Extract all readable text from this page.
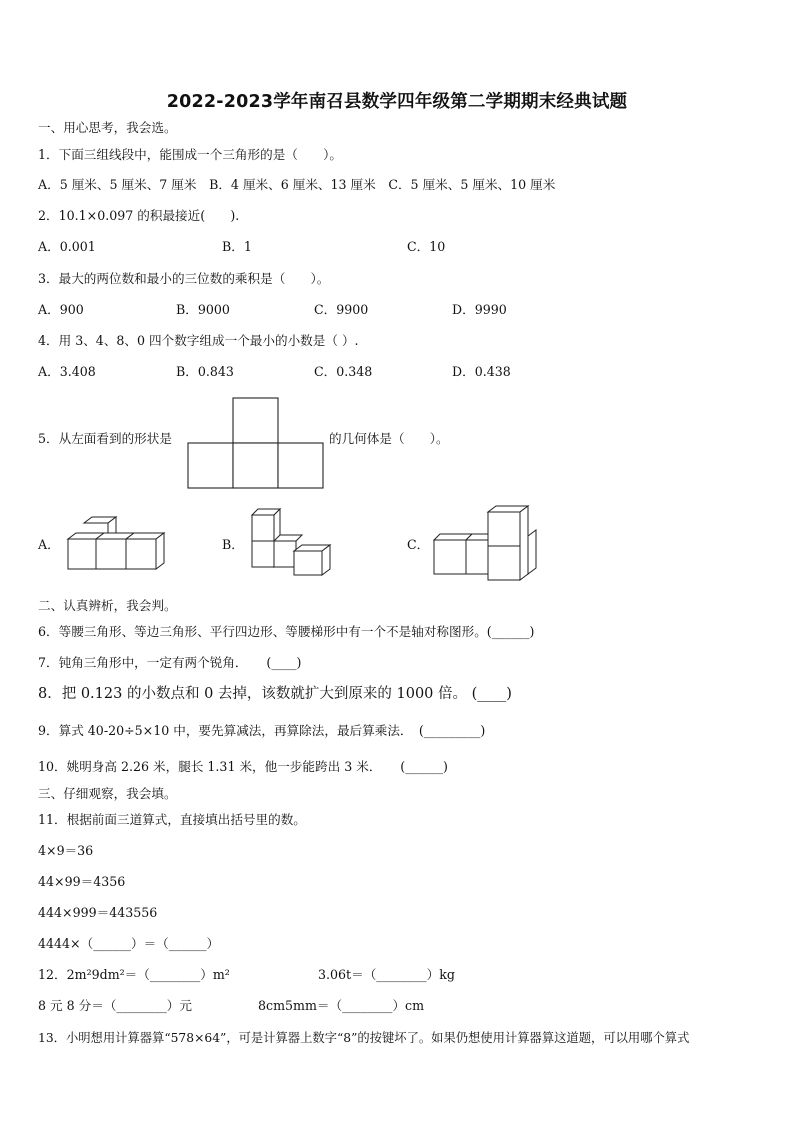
2022-2023学年南召县数学四年级第二学期期末经典试题
一、用心思考，我会选。
1．下面三组线段中，能围成一个三角形的是（　　）。
A．5 厘米、5 厘米、7 厘米　B．4 厘米、6 厘米、13 厘米　C．5 厘米、5 厘米、10 厘米
2．10.1×0.097 的积最接近(　　).
A．0.001	B．1	C．10
3．最大的两位数和最小的三位数的乘积是（　　）。
A．900	B．9000	C．9900	D．9990
4．用 3、4、8、0 四个数字组成一个最小的小数是（ ）.
A．3.408	B．0.843	C．0.348	D．0.438
5．从左面看到的形状是	的几何体是（　　）。
A．	B．	C．
二、认真辨析，我会判。
6．等腰三角形、等边三角形、平行四边形、等腰梯形中有一个不是轴对称图形。(______)
7．钝角三角形中，一定有两个锐角．　　(____)
8．把 0.123 的小数点和 0 去掉，该数就扩大到原来的 1000 倍。 (____)
9．算式 40-20÷5×10 中，要先算减法，再算除法，最后算乘法．　(_________)
10．姚明身高 2.26 米，腿长 1.31 米，他一步能跨出 3 米．　　(______)
三、仔细观察，我会填。
11．根据前面三道算式，直接填出括号里的数。
4×9＝36
44×99＝4356
444×999＝443556
4444×（______）＝（______）
12．2m²9dm²＝（________）m²	3.06t＝（________）kg
8 元 8 分＝（________）元	8cm5mm＝（________）cm
13．小明想用计算器算“578×64”，可是计算器上数字“8”的按键坏了。如果仍想使用计算器算这道题，可以用哪个算式
